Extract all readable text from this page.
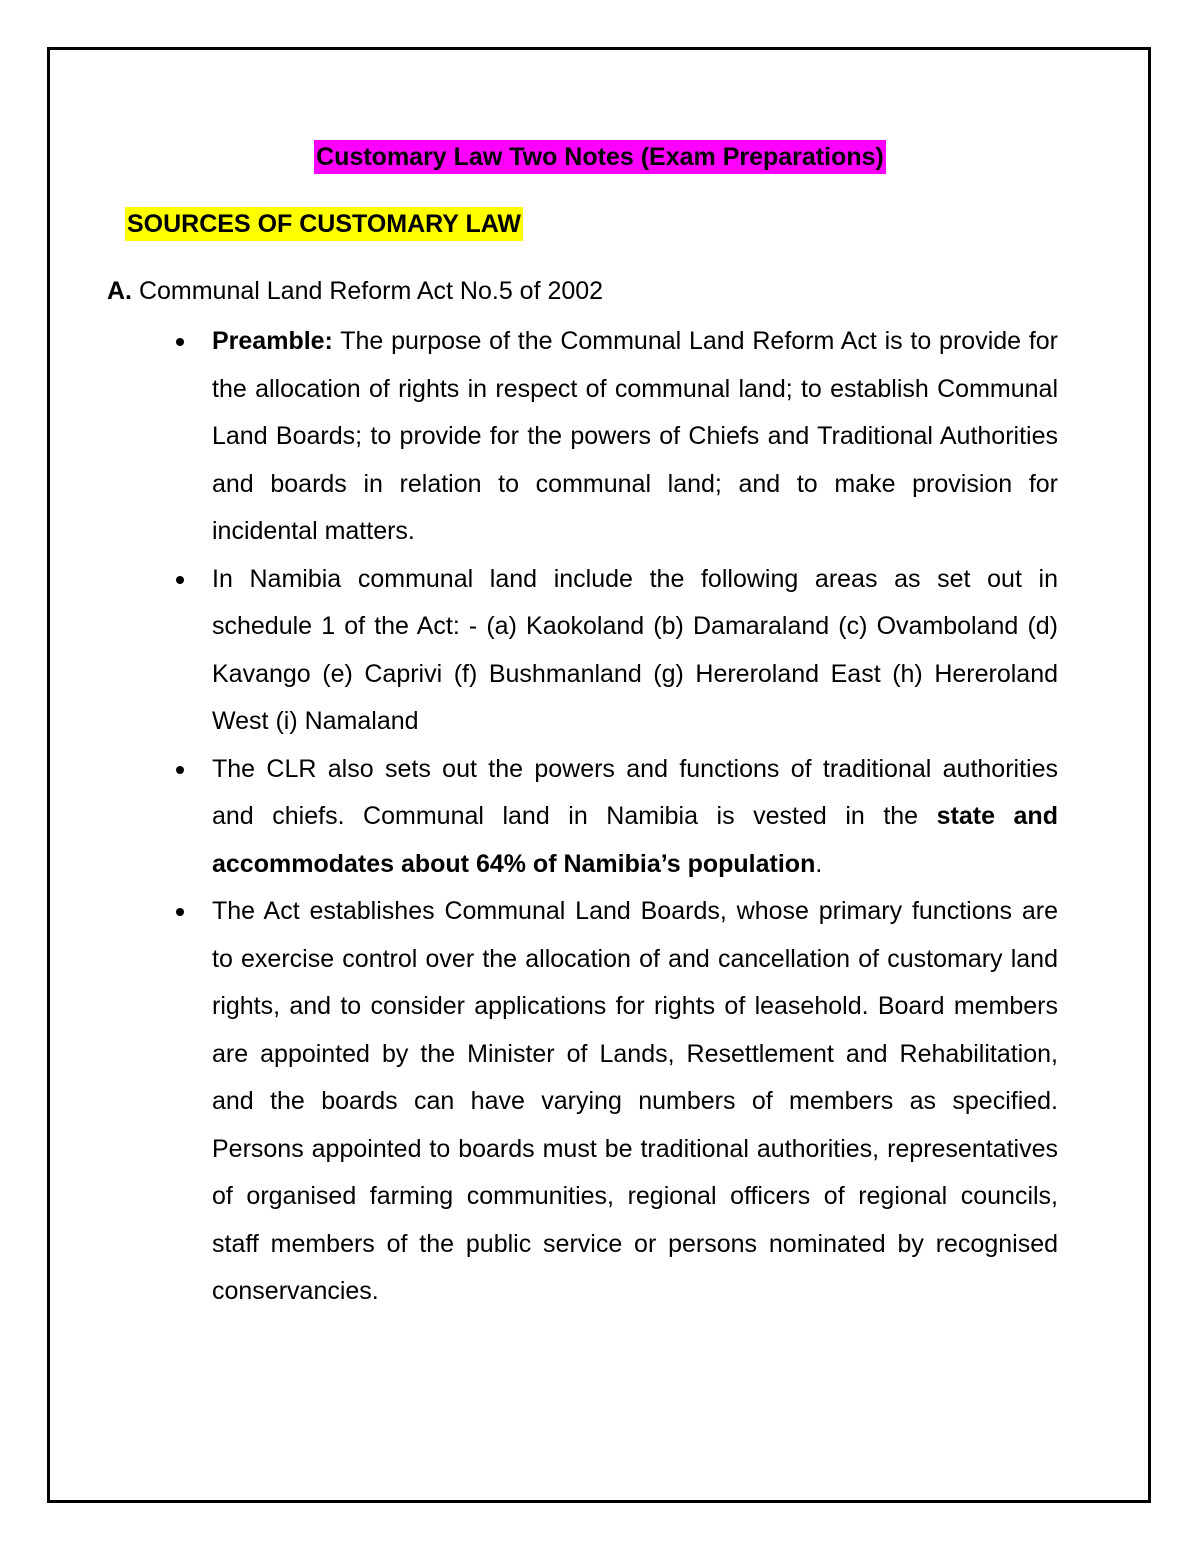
Customary Law Two Notes (Exam Preparations)
SOURCES OF CUSTOMARY LAW
A. Communal Land Reform Act No.5 of 2002
Preamble: The purpose of the Communal Land Reform Act is to provide for the allocation of rights in respect of communal land; to establish Communal Land Boards; to provide for the powers of Chiefs and Traditional Authorities and boards in relation to communal land; and to make provision for incidental matters.
In Namibia communal land include the following areas as set out in schedule 1 of the Act: - (a) Kaokoland (b) Damaraland (c) Ovamboland (d) Kavango (e) Caprivi (f) Bushmanland (g) Hereroland East (h) Hereroland West (i) Namaland
The CLR also sets out the powers and functions of traditional authorities and chiefs. Communal land in Namibia is vested in the state and accommodates about 64% of Namibia’s population.
The Act establishes Communal Land Boards, whose primary functions are to exercise control over the allocation of and cancellation of customary land rights, and to consider applications for rights of leasehold. Board members are appointed by the Minister of Lands, Resettlement and Rehabilitation, and the boards can have varying numbers of members as specified. Persons appointed to boards must be traditional authorities, representatives of organised farming communities, regional officers of regional councils, staff members of the public service or persons nominated by recognised conservancies.
